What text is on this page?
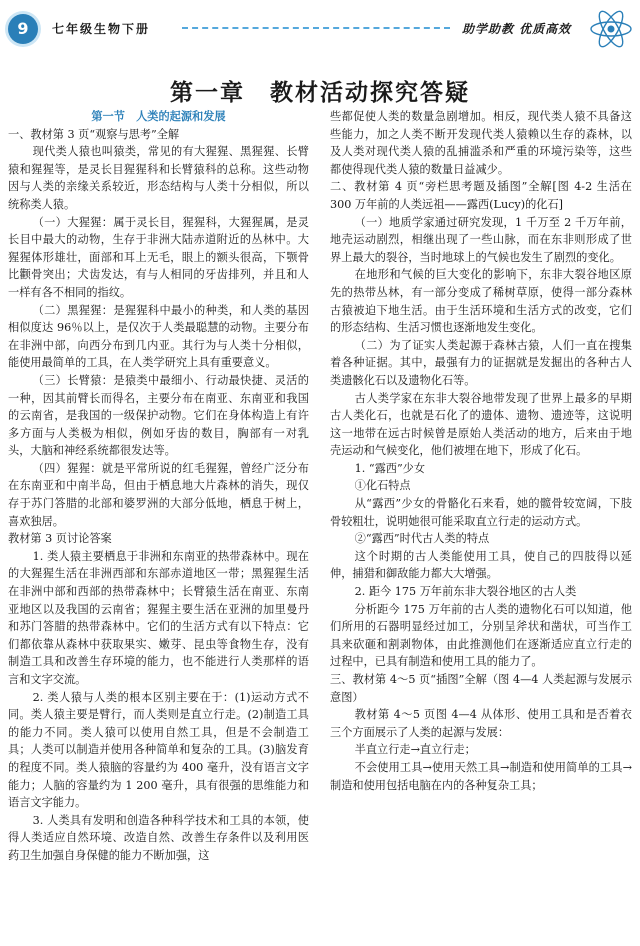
9	七年级生物下册	助学助教 优质高效
第一章　教材活动探究答疑

第一节　人类的起源和发展

一、教材第 3 页“观察与思考”全解

现代类人猿也叫猿类，常见的有大猩猩、黑猩猩、长臂猿和猩猩等，是灵长目猩猩科和长臂猿科的总称。这些动物因与人类的亲缘关系较近，形态结构与人类十分相似，所以统称类人猿。

（一）大猩猩：属于灵长目，猩猩科，大猩猩属，是灵长目中最大的动物，生存于非洲大陆赤道附近的丛林中。大猩猩体形雄壮，面部和耳上无毛，眼上的额头很高，下颚骨比颧骨突出；犬齿发达，有与人相同的牙齿排列，并且和人一样有各不相同的指纹。

（二）黑猩猩：是猩猩科中最小的种类，和人类的基因相似度达 96％以上，是仅次于人类最聪慧的动物。主要分布在非洲中部，向西分布到几内亚。其行为与人类十分相似，能使用最简单的工具，在人类学研究上具有重要意义。

（三）长臂猿：是猿类中最细小、行动最快捷、灵活的一种，因其前臂长而得名，主要分布在南亚、东南亚和我国的云南省，是我国的一级保护动物。它们在身体构造上有许多方面与人类极为相似，例如牙齿的数目，胸部有一对乳头，大脑和神经系统都很发达等。

（四）猩猩：就是平常所说的红毛猩猩，曾经广泛分布在东南亚和中南半岛，但由于栖息地大片森林的消失，现仅存于苏门答腊的北部和婆罗洲的大部分低地，栖息于树上，喜欢独居。

教材第 3 页讨论答案

1. 类人猿主要栖息于非洲和东南亚的热带森林中。现在的大猩猩生活在非洲西部和东部赤道地区一带；黑猩猩生活在非洲中部和西部的热带森林中；长臂猿生活在南亚、东南亚地区以及我国的云南省；猩猩主要生活在亚洲的加里曼丹和苏门答腊的热带森林中。它们的生活方式有以下特点：它们都依靠从森林中获取果实、嫩芽、昆虫等食物生存，没有制造工具和改善生存环境的能力，也不能进行人类那样的语言和文字交流。

2. 类人猿与人类的根本区别主要在于：(1)运动方式不同。类人猿主要是臂行，而人类则是直立行走。(2)制造工具的能力不同。类人猿可以使用自然工具，但是不会制造工具；人类可以制造并使用各种简单和复杂的工具。(3)脑发育的程度不同。类人猿脑的容量约为 400 毫升，没有语言文字能力；人脑的容量约为 1 200 毫升，具有很强的思维能力和语言文字能力。

3. 人类具有发明和创造各种科学技术和工具的本领，使得人类适应自然环境、改造自然、改善生存条件以及利用医药卫生加强自身保健的能力不断加强，这

些都促使人类的数量急剧增加。相反，现代类人猿不具备这些能力，加之人类不断开发现代类人猿赖以生存的森林，以及人类对现代类人猿的乱捕滥杀和严重的环境污染等，这些都使得现代类人猿的数量日益减少。

二、教材第 4 页“旁栏思考题及插图”全解[图 4-2 生活在 300 万年前的人类远祖——露西(Lucy)的化石]

（一）地质学家通过研究发现，1 千万至 2 千万年前，地壳运动剧烈，相继出现了一些山脉，而在东非则形成了世界上最大的裂谷，当时地球上的气候也发生了剧烈的变化。

在地形和气候的巨大变化的影响下，东非大裂谷地区原先的热带丛林，有一部分变成了稀树草原，使得一部分森林古猿被迫下地生活。由于生活环境和生活方式的改变，它们的形态结构、生活习惯也逐渐地发生变化。

（二）为了证实人类起源于森林古猿，人们一直在搜集着各种证据。其中，最强有力的证据就是发掘出的各种古人类遗骸化石以及遗物化石等。

古人类学家在东非大裂谷地带发现了世界上最多的早期古人类化石，也就是石化了的遗体、遗物、遗迹等，这说明这一地带在远古时候曾是原始人类活动的地方，后来由于地壳运动和气候变化，他们被埋在地下，形成了化石。

1. “露西”少女

①化石特点

从“露西”少女的骨骼化石来看，她的髋骨较宽阔，下肢骨较粗壮，说明她很可能采取直立行走的运动方式。

②“露西”时代古人类的特点

这个时期的古人类能使用工具，使自己的四肢得以延伸，捕猎和御敌能力都大大增强。

2. 距今 175 万年前东非大裂谷地区的古人类

分析距今 175 万年前的古人类的遗物化石可以知道，他们所用的石器明显经过加工，分别呈斧状和凿状，可当作工具来砍砸和割剥物体，由此推测他们在逐渐适应直立行走的过程中，已具有制造和使用工具的能力了。

三、教材第 4～5 页“插图”全解（图 4—4 人类起源与发展示意图）

教材第 4～5 页图 4—4 从体形、使用工具和是否着衣三个方面展示了人类的起源与发展：

半直立行走→直立行走；

不会使用工具→使用天然工具→制造和使用简单的工具→制造和使用包括电脑在内的各种复杂工具；
